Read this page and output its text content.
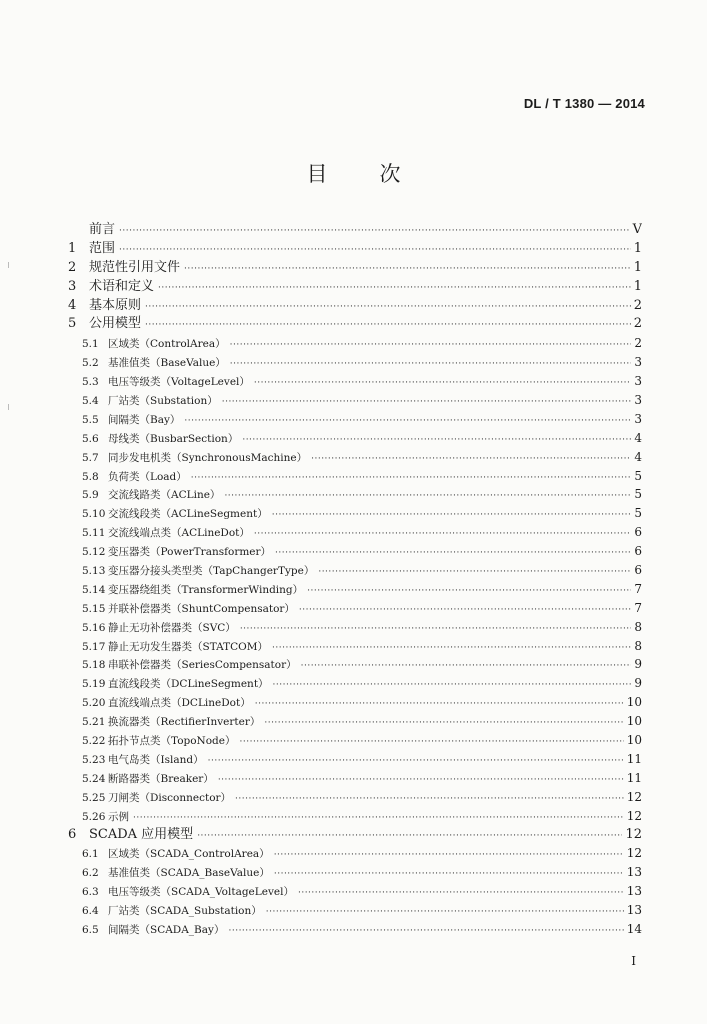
DL / T 1380 — 2014
目 次
前言 ·····	V
1 范围 ·····	1
2 规范性引用文件 ·····	1
3 术语和定义 ·····	1
4 基本原则 ·····	2
5 公用模型 ·····	2
5.1 区域类（ControlArea） ·····	2
5.2 基准值类（BaseValue） ·····	3
5.3 电压等级类（VoltageLevel） ·····	3
5.4 厂站类（Substation） ·····	3
5.5 间隔类（Bay） ·····	3
5.6 母线类（BusbarSection） ·····	4
5.7 同步发电机类（SynchronousMachine） ·····	4
5.8 负荷类（Load） ·····	5
5.9 交流线路类（ACLine） ·····	5
5.10 交流线段类（ACLineSegment） ·····	5
5.11 交流线端点类（ACLineDot） ·····	6
5.12 变压器类（PowerTransformer） ·····	6
5.13 变压器分接头类型类（TapChangerType） ·····	6
5.14 变压器绕组类（TransformerWinding） ·····	7
5.15 并联补偿器类（ShuntCompensator） ·····	7
5.16 静止无功补偿器类（SVC） ·····	8
5.17 静止无功发生器类（STATCOM） ·····	8
5.18 串联补偿器类（SeriesCompensator） ·····	9
5.19 直流线段类（DCLineSegment） ·····	9
5.20 直流线端点类（DCLineDot） ·····	10
5.21 换流器类（RectifierInverter） ·····	10
5.22 拓扑节点类（TopoNode） ·····	10
5.23 电气岛类（Island） ·····	11
5.24 断路器类（Breaker） ·····	11
5.25 刀闸类（Disconnector） ·····	12
5.26 示例 ·····	12
6 SCADA 应用模型 ·····	12
6.1 区域类（SCADA_ControlArea） ·····	12
6.2 基准值类（SCADA_BaseValue） ·····	13
6.3 电压等级类（SCADA_VoltageLevel） ·····	13
6.4 厂站类（SCADA_Substation） ·····	13
6.5 间隔类（SCADA_Bay） ·····	14
I
